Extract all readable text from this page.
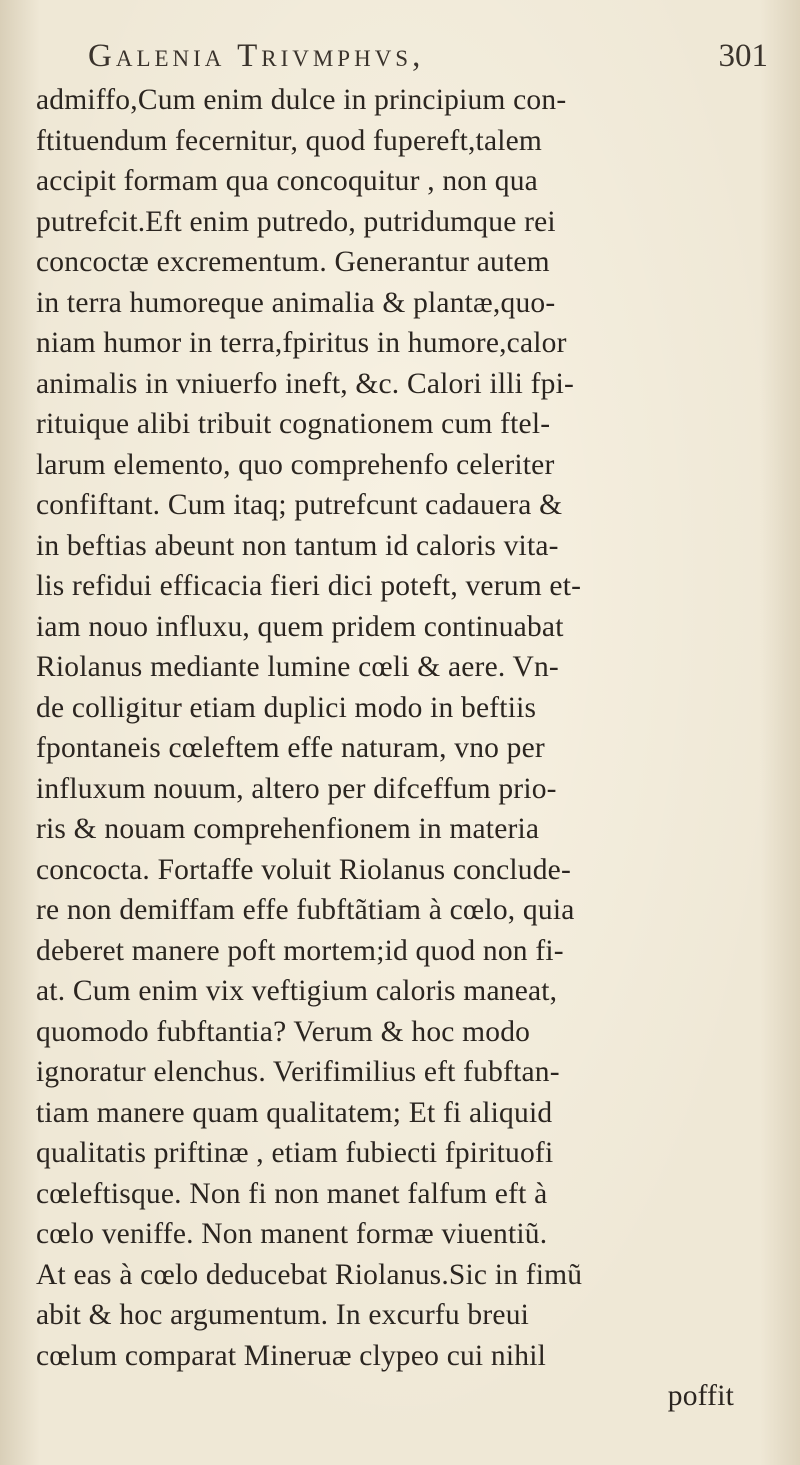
Galenia Trivmphvs,	301
admiffo,Cum enim dulce in principium con-
ftituendum fecernitur, quod fupereft,talem
accipit formam qua concoquitur , non qua
putrefcit.Eft enim putredo, putridumque rei
concoctæ excrementum. Generantur autem
in terra humoreque animalia & plantæ,quo-
niam humor in terra,fpiritus in humore,calor
animalis in vniuerfo ineft, &c. Calori illi fpi-
rituique alibi tribuit cognationem cum ftel-
larum elemento, quo comprehenfo celeriter
confiftant. Cum itaq; putrefcunt cadauera &
in beftias abeunt non tantum id caloris vita-
lis refidui efficacia fieri dici poteft, verum et-
iam nouo influxu, quem pridem continuabat
Riolanus mediante lumine cœli & aere. Vn-
de colligitur etiam duplici modo in beftiis
fpontaneis cœleftem effe naturam, vno per
influxum nouum, altero per difceffum prio-
ris & nouam comprehenfionem in materia
concocta. Fortaffe voluit Riolanus conclude-
re non demiffam effe fubftãtiam à cœlo, quia
deberet manere poft mortem;id quod non fi-
at. Cum enim vix veftigium caloris maneat,
quomodo fubftantia? Verum & hoc modo
ignoratur elenchus. Verifimilius eft fubftan-
tiam manere quam qualitatem; Et fi aliquid
qualitatis priftinæ , etiam fubiecti fpirituofi
cœleftisque. Non fi non manet falfum eft à
cœlo veniffe. Non manent formæ viuentiũ.
At eas à cœlo deducebat Riolanus.Sic in fimũ
abit & hoc argumentum. In excurfu breui
cœlum comparat Mineruæ clypeo cui nihil
poffit
